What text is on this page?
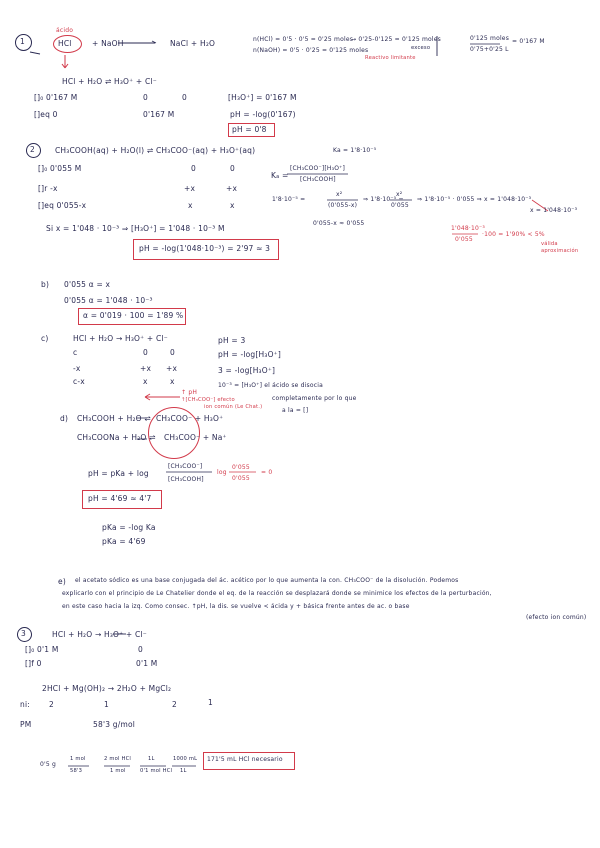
1
ácido
HCl	+ NaOH	NaCl + H₂O	n(HCl) = 0'5 · 0'5 = 0'25 moles
→ 0'25-0'125 = 0'125 moles
n(NaOH) = 0'5 · 0'25 = 0'125 moles
Reactivo limitante
exceso
0'125 moles
0'75+0'25 L
= 0'167 M
HCl + H₂O ⇌ H₃O⁺ + Cl⁻
[]₀ 0'167 M	0	0	[H₃O⁺] = 0'167 M
[]eq 0	0'167 M	pH = -log(0'167)
pH = 0'8
2	CH₃COOH(aq) + H₂O(l) ⇌ CH₃COO⁻(aq) + H₃O⁺(aq)	Ka = 1'8·10⁻⁵
[]₀ 0'055 M	0	0
[]r -x	+x	+x
[]eq 0'055-x	x	x
Ka =
[CH₃COO⁻][H₃O⁺]
[CH₃COOH]
1'8·10⁻⁵ =
x²
(0'055-x)
⇒ 1'8·10⁻⁵ =
x²
0'055
⇒ 1'8·10⁻⁵ · 0'055 ⇒ x = 1'048·10⁻³
x = 1'048·10⁻³
0'055-x ≈ 0'055
Si x = 1'048 · 10⁻³ ⇒ [H₃O⁺] = 1'048 · 10⁻³ M
pH = -log(1'048·10⁻³) = 2'97 ≈ 3
1'048·10⁻³
0'055
·100 = 1'90% < 5%
válida aproximación
b) 0'055 α = x
0'055 α = 1'048 · 10⁻³
α = 0'019 · 100 = 1'89 %
c)	HCl + H₂O → H₃O⁺ + Cl⁻
c	0	0
-x	+x +x
c-x	x	x
pH = 3
pH = -log[H₃O⁺]
3 = -log[H₃O⁺]
10⁻³ = [H₃O⁺] el ácido se disocia
completamente por lo que
a la = []
↑ pH
↑[CH₃COO⁻] efecto
ion común (Le Chat.)
d) CH₃COOH + H₂O ⇌ CH₃COO⁻ + H₃O⁺
CH₃COONa + H₂O ⇌ CH₃COO⁻ + Na⁺
pH = pKa + log
[CH₃COO⁻]
[CH₃COOH]
log
0'055
0'055
= 0
pH = 4'69 ≈ 4'7
pKa = -log Ka
pKa = 4'69
e) el acetato sódico es una base conjugada del ác. acético por lo que aumenta la con. CH₃COO⁻ de la disolución. Podemos
explicarlo con el principio de Le Chatelier donde el eq. de la reacción se desplazará donde se minimice los efectos de la perturbación,
en este caso hacia la izq. Como consec. ↑pH, la dis. se vuelve < ácida y + básica frente antes de ac. o base
(efecto ion común)
3	HCl + H₂O → H₃O⁺ + Cl⁻
[]₀ 0'1 M	0
[]f 0	0'1 M
2HCl + Mg(OH)₂ → 2H₂O + MgCl₂
ni:	2	1	2	1
PM	58'3 g/mol
0'5 g
1 mol
58'3
2 mol HCl
1 mol
1L
0'1 mol HCl
1000 mL
1L
171'5 mL HCl necesario
